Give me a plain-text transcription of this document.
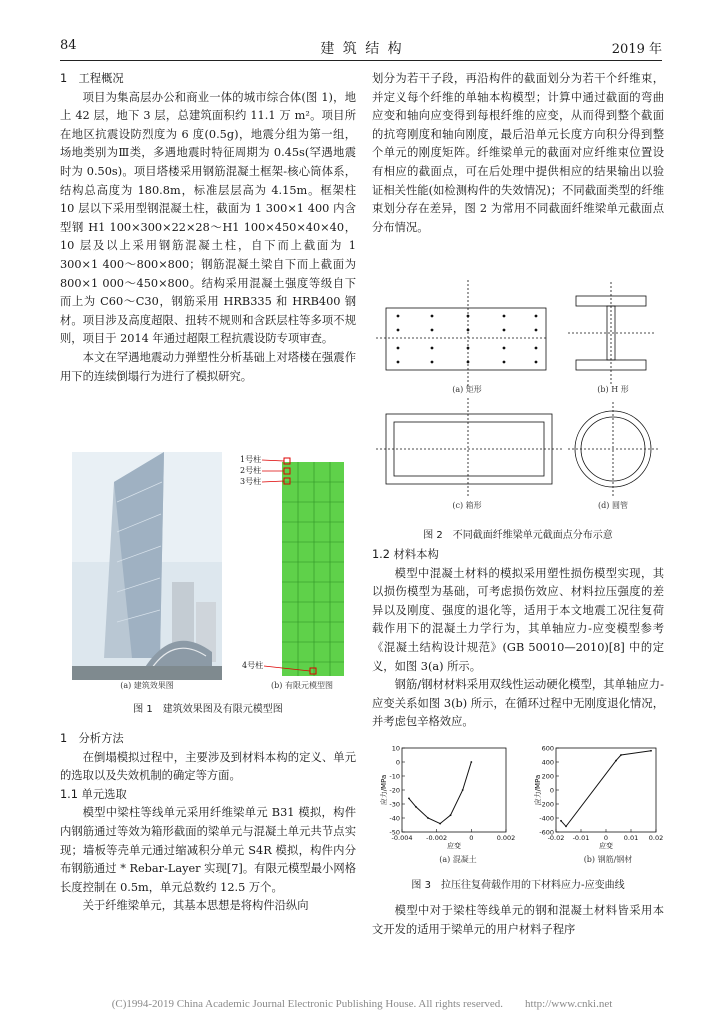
84	建 筑 结 构	2019 年

1　工程概况

项目为集高层办公和商业一体的城市综合体(图 1)，地上 42 层，地下 3 层，总建筑面积约 11.1 万 m²。项目所在地区抗震设防烈度为 6 度(0.5g)，地震分组为第一组，场地类别为Ⅲ类，多遇地震时特征周期为 0.45s(罕遇地震时为 0.50s)。项目塔楼采用钢筋混凝土框架-核心筒体系，结构总高度为 180.8m，标准层层高为 4.15m。框架柱 10 层以下采用型钢混凝土柱，截面为 1 300×1 400 内含型钢 H1 100×300×22×28～H1 100×450×40×40，10 层及以上采用钢筋混凝土柱，自下而上截面为 1 300×1 400～800×800；钢筋混凝土梁自下而上截面为 800×1 000～450×800。结构采用混凝土强度等级自下而上为 C60～C30，钢筋采用 HRB335 和 HRB400 钢材。项目涉及高度超限、扭转不规则和含跃层柱等多项不规则，项目于 2014 年通过超限工程抗震设防专项审查。

本文在罕遇地震动力弹塑性分析基础上对塔楼在强震作用下的连续倒塌行为进行了模拟研究。

1号柱
2号柱
3号柱
4号柱
(a) 建筑效果图	(b) 有限元模型图
图 1　建筑效果图及有限元模型图

1　分析方法

在倒塌模拟过程中，主要涉及到材料本构的定义、单元的选取以及失效机制的确定等方面。

1.1 单元选取

模型中梁柱等线单元采用纤维梁单元 B31 模拟，构件内钢筋通过等效为箱形截面的梁单元与混凝土单元共节点实现；墙板等壳单元通过缩减积分单元 S4R 模拟，构件内分布钢筋通过 * Rebar-Layer 实现[7]。有限元模型最小网格长度控制在 0.5m，单元总数约 12.5 万个。

关于纤维梁单元，其基本思想是将构件沿纵向

划分为若干子段，再沿构件的截面划分为若干个纤维束，并定义每个纤维的单轴本构模型；计算中通过截面的弯曲应变和轴向应变得到每根纤维的应变，从而得到整个截面的抗弯刚度和轴向刚度，最后沿单元长度方向积分得到整个单元的刚度矩阵。纤维梁单元的截面对应纤维束位置设有相应的截面点，可在后处理中提供相应的结果输出以验证相关性能(如检测构件的失效情况)；不同截面类型的纤维束划分存在差异，图 2 为常用不同截面纤维梁单元截面点分布情况。

(a) 矩形	(b) H 形
(c) 箱形	(d) 圆管
图 2　不同截面纤维梁单元截面点分布示意

1.2 材料本构

模型中混凝土材料的模拟采用塑性损伤模型实现，其以损伤模型为基础，可考虑损伤效应、材料拉压强度的差异以及刚度、强度的退化等，适用于本文地震工况往复荷载作用下的混凝土力学行为，其单轴应力-应变模型参考《混凝土结构设计规范》(GB 50010—2010)[8] 中的定义，如图 3(a) 所示。

钢筋/钢材材料采用双线性运动硬化模型，其单轴应力-应变关系如图 3(b) 所示，在循环过程中无刚度退化情况，并考虑包辛格效应。

10
0
-10
-20
-30
-40
-50
-0.004 -0.002	0	0.002
应变
应力/MPa
600
400
200
0
-200
-400
-600
-0.02 -0.01 0 0.01 0.02
应变
应力/MPa
(a) 混凝土	(b) 钢筋/钢材
图 3　拉压往复荷载作用的下材料应力-应变曲线

模型中对于梁柱等线单元的钢和混凝土材料皆采用本文开发的适用于梁单元的用户材料子程序

(C)1994-2019 China Academic Journal Electronic Publishing House. All rights reserved.　　http://www.cnki.net
